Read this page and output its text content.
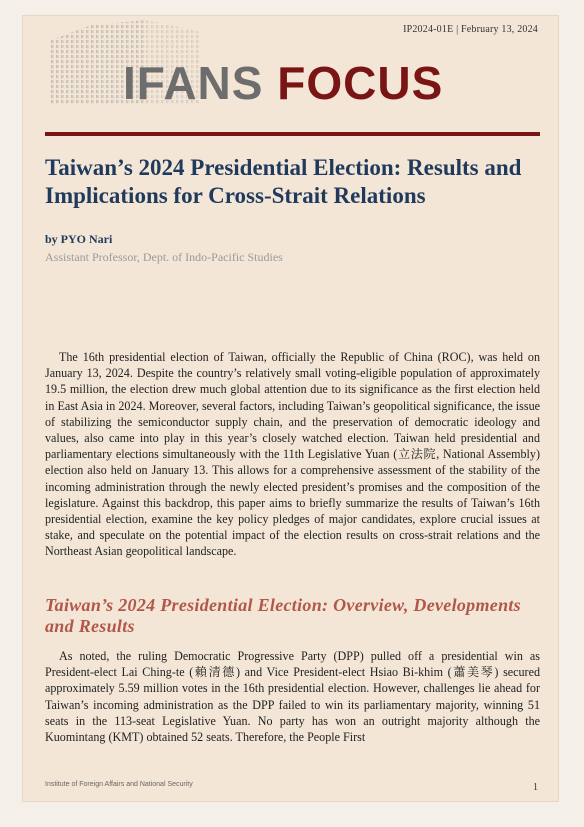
IP2024-01E | February 13, 2024
IFANS FOCUS
Taiwan’s 2024 Presidential Election: Results and Implications for Cross-Strait Relations
by PYO Nari
Assistant Professor, Dept. of Indo-Pacific Studies

The 16th presidential election of Taiwan, officially the Republic of China (ROC), was held on January 13, 2024. Despite the country’s relatively small voting-eligible population of approximately 19.5 million, the election drew much global attention due to its significance as the first election held in East Asia in 2024. Moreover, several factors, including Taiwan’s geopolitical significance, the issue of stabilizing the semiconductor supply chain, and the preservation of democratic ideology and values, also came into play in this year’s closely watched election. Taiwan held presidential and parliamentary elections simultaneously with the 11th Legislative Yuan (立法院, National Assembly) election also held on January 13. This allows for a comprehensive assessment of the stability of the incoming administration through the newly elected president’s promises and the composition of the legislature. Against this backdrop, this paper aims to briefly summarize the results of Taiwan’s 16th presidential election, examine the key policy pledges of major candidates, explore crucial issues at stake, and speculate on the potential impact of the election results on cross-strait relations and the Northeast Asian geopolitical landscape.

Taiwan’s 2024 Presidential Election: Overview, Developments and Results

As noted, the ruling Democratic Progressive Party (DPP) pulled off a presidential win as President-elect Lai Ching-te (賴清德) and Vice President-elect Hsiao Bi-khim (蕭美琴) secured approximately 5.59 million votes in the 16th presidential election. However, challenges lie ahead for Taiwan’s incoming administration as the DPP failed to win its parliamentary majority, winning 51 seats in the 113-seat Legislative Yuan. No party has won an outright majority although the Kuomintang (KMT) obtained 52 seats. Therefore, the People First

Institute of Foreign Affairs and National Security	1
